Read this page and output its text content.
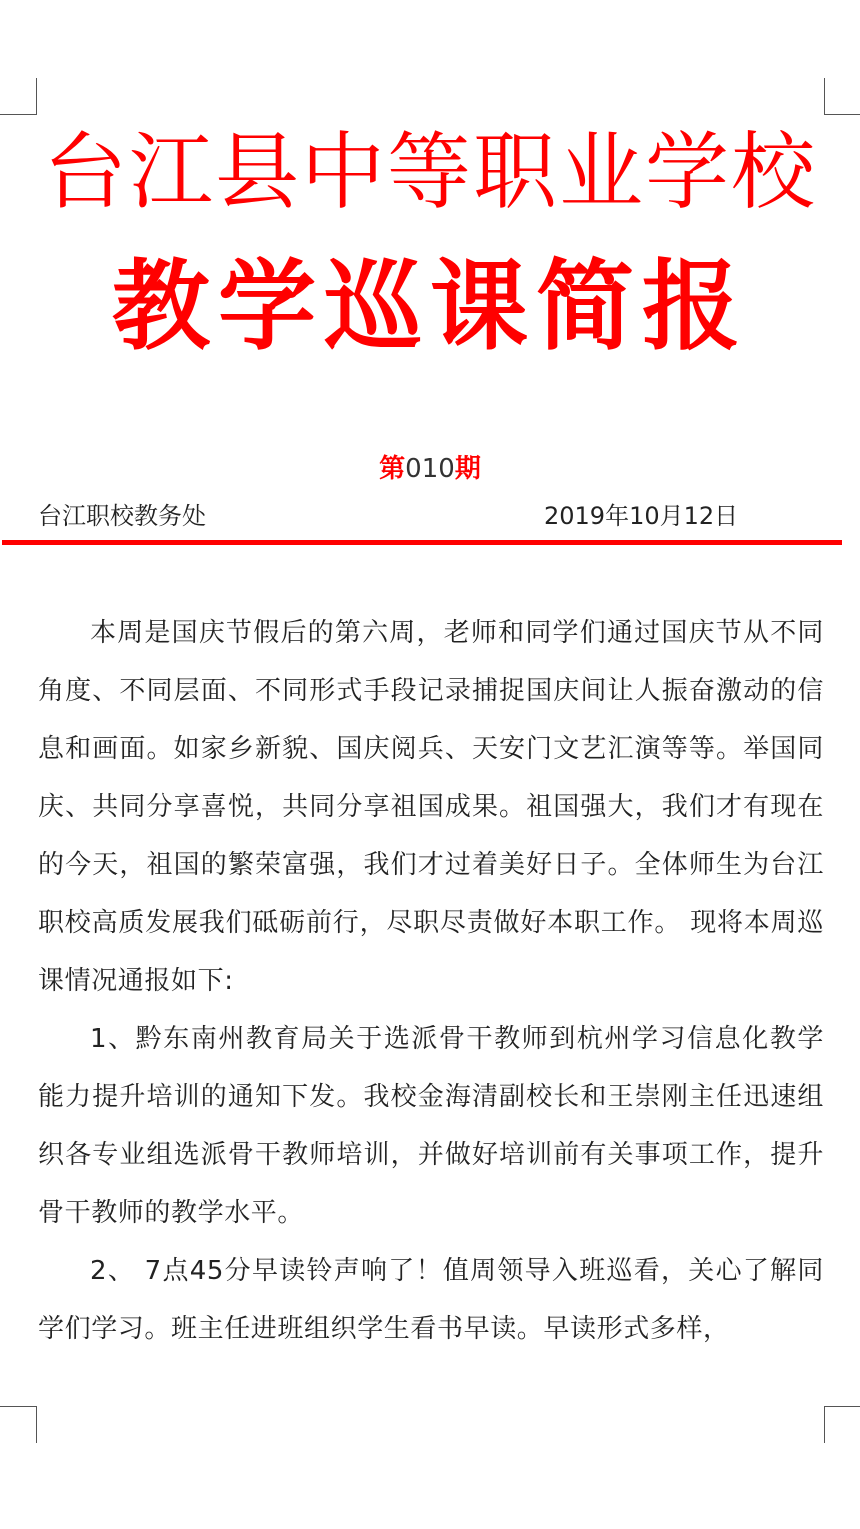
台江县中等职业学校
教学巡课简报
第010期
台江职校教务处	2019年10月12日

本周是国庆节假后的第六周，老师和同学们通过国庆节从不同角度、不同层面、不同形式手段记录捕捉国庆间让人振奋激动的信息和画面。如家乡新貌、国庆阅兵、天安门文艺汇演等等。举国同庆、共同分享喜悦，共同分享祖国成果。祖国强大，我们才有现在的今天，祖国的繁荣富强，我们才过着美好日子。全体师生为台江职校高质发展我们砥砺前行，尽职尽责做好本职工作。 现将本周巡课情况通报如下:

1、黔东南州教育局关于选派骨干教师到杭州学习信息化教学能力提升培训的通知下发。我校金海清副校长和王崇刚主任迅速组织各专业组选派骨干教师培训，并做好培训前有关事项工作，提升骨干教师的教学水平。

2、 7点45分早读铃声响了！值周领导入班巡看，关心了解同学们学习。班主任进班组织学生看书早读。早读形式多样，
